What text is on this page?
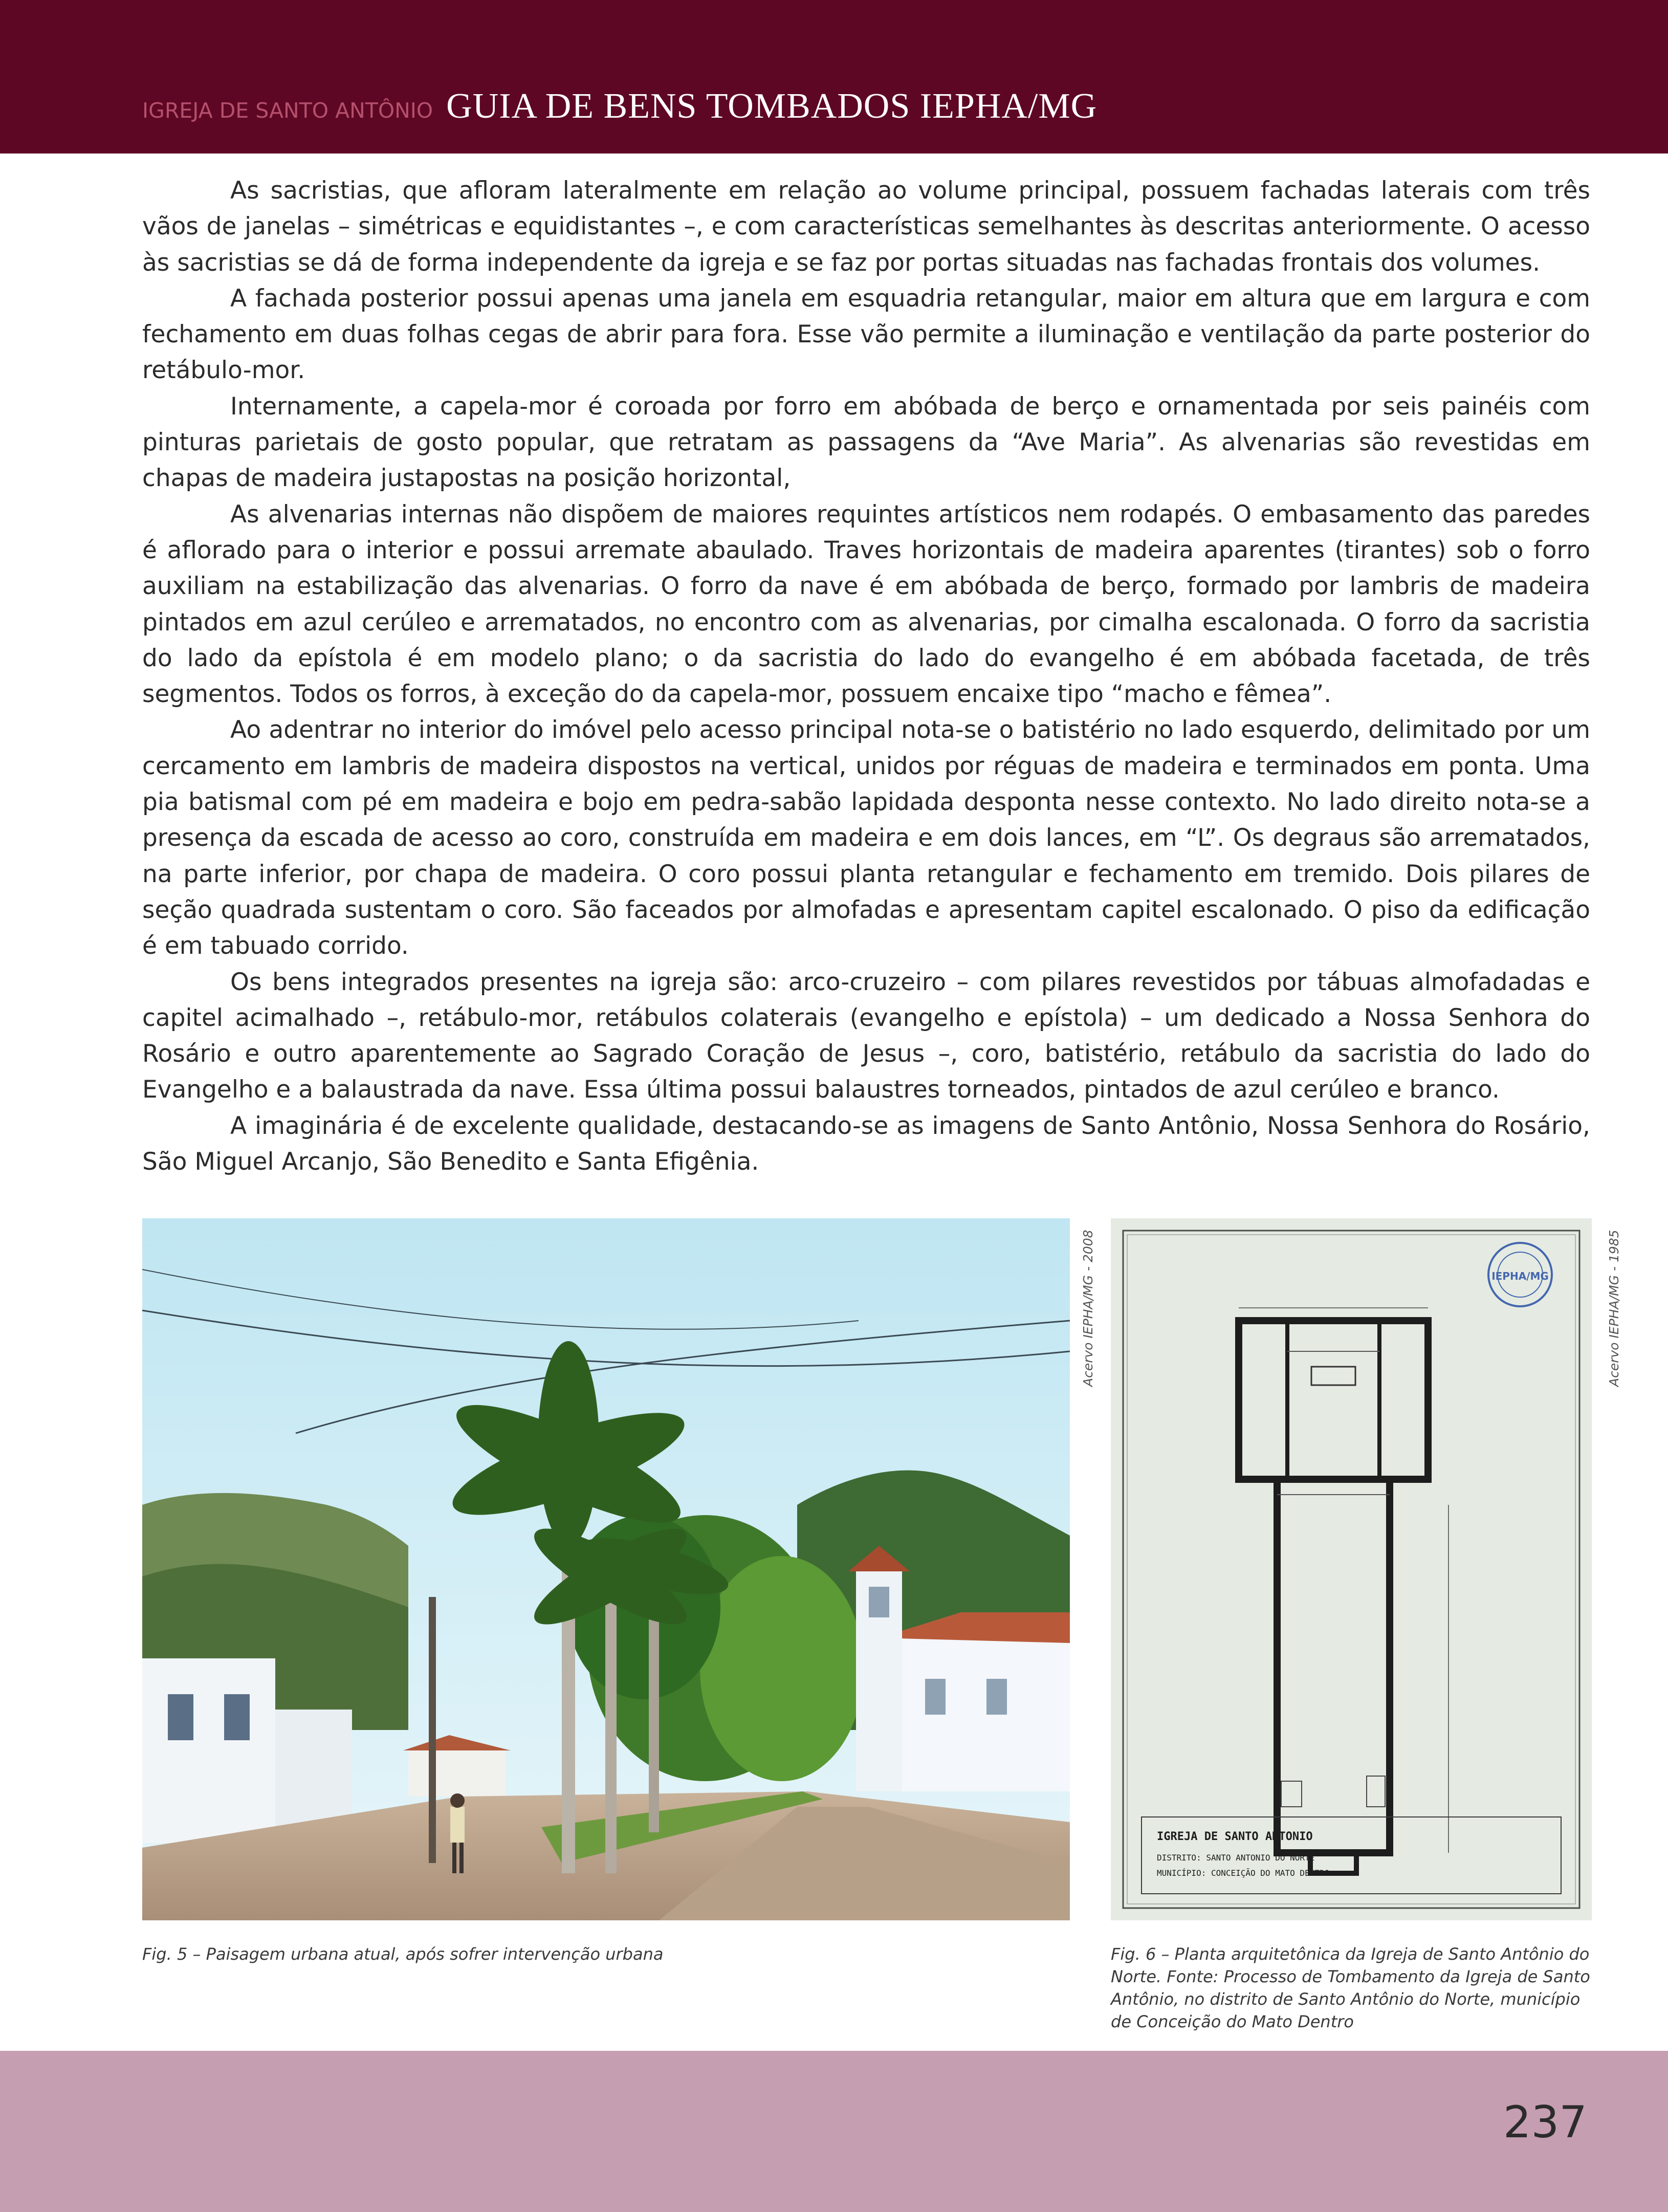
IGREJA DE SANTO ANTÔNIO GUIA DE BENS TOMBADOS IEPHA/MG

As sacristias, que afloram lateralmente em relação ao volume principal, possuem fachadas laterais com três vãos de janelas – simétricas e equidistantes –, e com características semelhantes às descritas anteriormente. O acesso às sacristias se dá de forma independente da igreja e se faz por portas situadas nas fachadas frontais dos volumes.

A fachada posterior possui apenas uma janela em esquadria retangular, maior em altura que em largura e com fechamento em duas folhas cegas de abrir para fora. Esse vão permite a iluminação e ventilação da parte posterior do retábulo-mor.

Internamente, a capela-mor é coroada por forro em abóbada de berço e ornamentada por seis painéis com pinturas parietais de gosto popular, que retratam as passagens da “Ave Maria”. As alvenarias são revestidas em chapas de madeira justapostas na posição horizontal,

As alvenarias internas não dispõem de maiores requintes artísticos nem rodapés. O embasamento das paredes é aflorado para o interior e possui arremate abaulado. Traves horizontais de madeira aparentes (tirantes) sob o forro auxiliam na estabilização das alvenarias. O forro da nave é em abóbada de berço, formado por lambris de madeira pintados em azul cerúleo e arrematados, no encontro com as alvenarias, por cimalha escalonada. O forro da sacristia do lado da epístola é em modelo plano; o da sacristia do lado do evangelho é em abóbada facetada, de três segmentos. Todos os forros, à exceção do da capela-mor, possuem encaixe tipo “macho e fêmea”.

Ao adentrar no interior do imóvel pelo acesso principal nota-se o batistério no lado esquerdo, delimitado por um cercamento em lambris de madeira dispostos na vertical, unidos por réguas de madeira e terminados em ponta. Uma pia batismal com pé em madeira e bojo em pedra-sabão lapidada desponta nesse contexto. No lado direito nota-se a presença da escada de acesso ao coro, construída em madeira e em dois lances, em “L”. Os degraus são arrematados, na parte inferior, por chapa de madeira. O coro possui planta retangular e fechamento em tremido. Dois pilares de seção quadrada sustentam o coro. São faceados por almofadas e apresentam capitel escalonado. O piso da edificação é em tabuado corrido.

Os bens integrados presentes na igreja são: arco-cruzeiro – com pilares revestidos por tábuas almofadadas e capitel acimalhado –, retábulo-mor, retábulos colaterais (evangelho e epístola) – um dedicado a Nossa Senhora do Rosário e outro aparentemente ao Sagrado Coração de Jesus –, coro, batistério, retábulo da sacristia do lado do Evangelho e a balaustrada da nave. Essa última possui balaustres torneados, pintados de azul cerúleo e branco.

A imaginária é de excelente qualidade, destacando-se as imagens de Santo Antônio, Nossa Senhora do Rosário, São Miguel Arcanjo, São Benedito e Santa Efigênia.

Acervo IEPHA/MG - 2008	IEPHA/MG
IGREJA DE SANTO ANTONIO
DISTRITO: SANTO ANTONIO DO NORTE
MUNICÍPIO: CONCEIÇÃO DO MATO DENTRO
Acervo IEPHA/MG - 1985
Fig. 5 – Paisagem urbana atual, após sofrer intervenção urbana	Fig. 6 – Planta arquitetônica da Igreja de Santo Antônio do Norte. Fonte: Processo de Tombamento da Igreja de Santo Antônio, no distrito de Santo Antônio do Norte, município de Conceição do Mato Dentro
237
